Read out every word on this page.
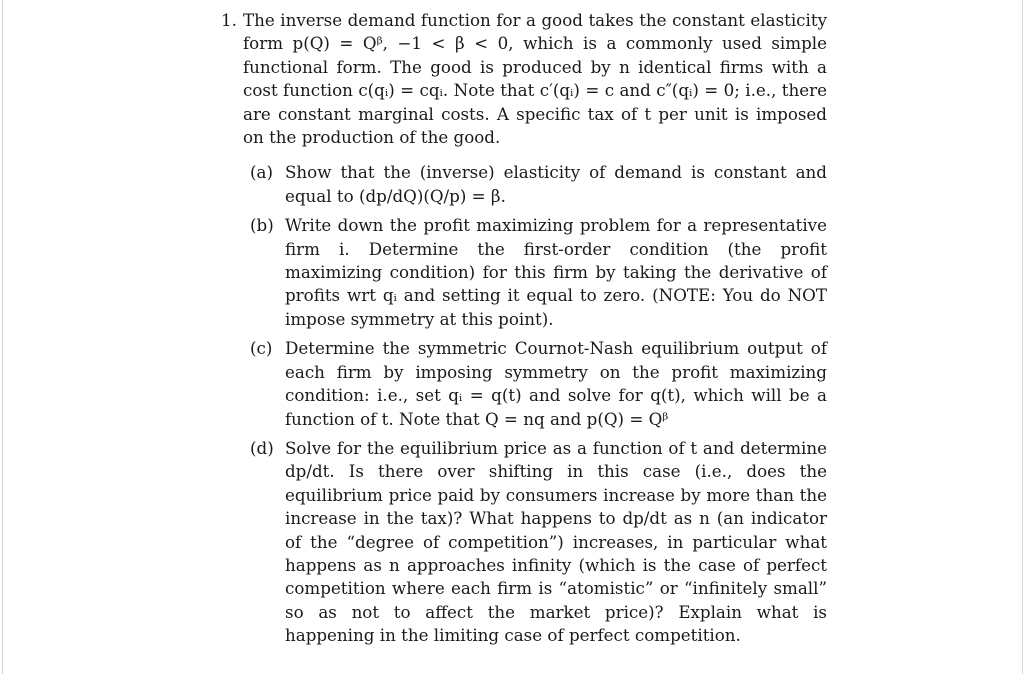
1. The inverse demand function for a good takes the constant elasticity form p(Q) = Qᵝ, −1 < β < 0, which is a commonly used simple functional form. The good is produced by n identical firms with a cost function c(qᵢ) = cqᵢ. Note that c′(qᵢ) = c and c″(qᵢ) = 0; i.e., there are constant marginal costs. A specific tax of t per unit is imposed on the production of the good.
(a) Show that the (inverse) elasticity of demand is constant and equal to (dp/dQ)(Q/p) = β.
(b) Write down the profit maximizing problem for a representative firm i. Determine the first-order condition (the profit maximizing condition) for this firm by taking the derivative of profits wrt qᵢ and setting it equal to zero. (NOTE: You do NOT impose symmetry at this point).
(c) Determine the symmetric Cournot-Nash equilibrium output of each firm by imposing symmetry on the profit maximizing condition: i.e., set qᵢ = q(t) and solve for q(t), which will be a function of t. Note that Q = nq and p(Q) = Qᵝ
(d) Solve for the equilibrium price as a function of t and determine dp/dt. Is there over shifting in this case (i.e., does the equilibrium price paid by consumers increase by more than the increase in the tax)? What happens to dp/dt as n (an indicator of the “degree of competition”) increases, in particular what happens as n approaches infinity (which is the case of perfect competition where each firm is “atomistic” or “infinitely small” so as not to affect the market price)? Explain what is happening in the limiting case of perfect competition.
